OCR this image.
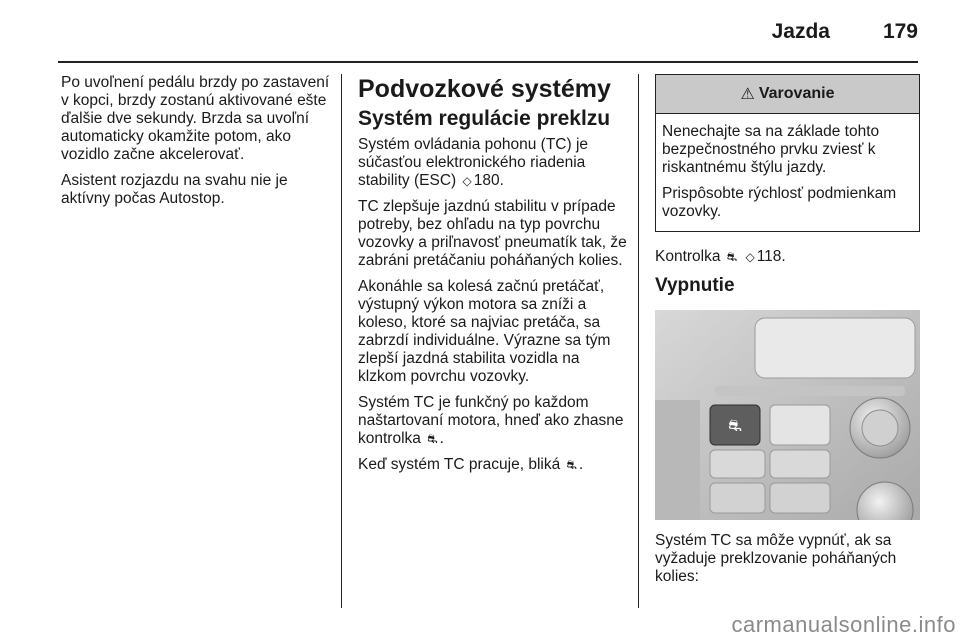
Jazda	179

Po uvoľnení pedálu brzdy po zastavení v kopci, brzdy zostanú aktivované ešte ďalšie dve sekundy. Brzda sa uvoľní automaticky okamžite potom, ako vozidlo začne akcelerovať.

Asistent rozjazdu na svahu nie je aktívny počas Autostop.

Podvozkové systémy
Systém regulácie preklzu

Systém ovládania pohonu (TC) je súčasťou elektronického riadenia stability (ESC) ◇ 180.

TC zlepšuje jazdnú stabilitu v prípade potreby, bez ohľadu na typ povrchu vozovky a priľnavosť pneumatík tak, že zabráni pretáčaniu poháňaných kolies.

Akonáhle sa kolesá začnú pretáčať, výstupný výkon motora sa zníži a koleso, ktoré sa najviac pretáča, sa zabrzdí individuálne. Výrazne sa tým zlepší jazdná stabilita vozidla na klzkom povrchu vozovky.

Systém TC je funkčný po každom naštartovaní motora, hneď ako zhasne kontrolka ⛐ .

Keď systém TC pracuje, bliká ⛐ .

⚠ Varovanie

Nenechajte sa na základe tohto bezpečnostného prvku zviesť k riskantnému štýlu jazdy.

Prispôsobte rýchlosť podmienkam vozovky.

Kontrolka ⛐ ◇ 118.

Vypnutie
⛐

Systém TC sa môže vypnúť, ak sa vyžaduje preklzovanie poháňaných kolies:

carmanualsonline.info
